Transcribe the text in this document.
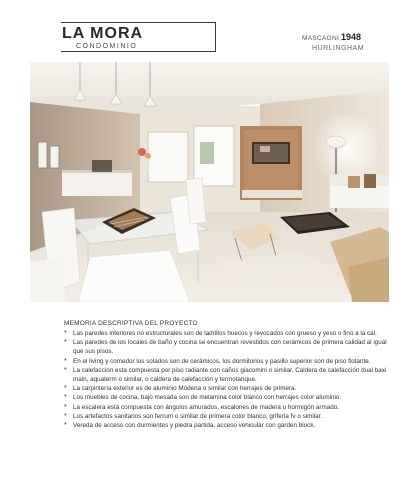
LA MORA
CONDOMINIO
MASCAGNI 1948
HURLINGHAM
MEMORIA DESCRIPTIVA DEL PROYECTO
* Las paredes interiores no estructurales son de ladrillos huecos y revocados con grueso y yeso o fino a la cal.
* Las paredes de los locales de baño y cocina se encuentran revestidos con cerámicos de primera calidad al igual que sus pisos.
* En el living y comedor los solados son de cerámicos, los dormitorios y pasillo superior son de piso flotante.
* La calefacción esta compuesta por piso radiante con caños giacomini o similar. Caldera de calefacción dual baxi main, aquaterm o similar, o caldera de calefacción y termotanque.
* La carpintería exterior es de aluminio Módena o similar con herrajes de primera.
* Los muebles de cocina, bajo mesada son de melamina color blanco con herrajes color aluminio.
* La escalera está compuesta con ángulos amurados, escalones de madera u hormigón armado.
* Los artefactos sanitarios son ferrum o similar de primera color blanco, grifería fv o similar.
* Vereda de acceso con durmientes y piedra partida, acceso vehicular con garden block.
